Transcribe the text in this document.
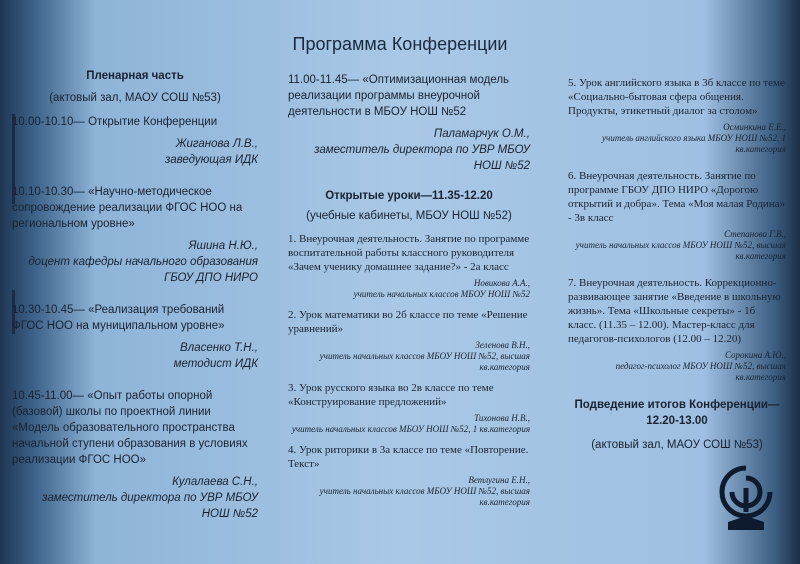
Программа Конференции
Пленарная часть
(актовый зал, МАОУ СОШ №53)
10.00-10.10— Открытие Конференции
Жиганова Л.В.,
заведующая ИДК
10.10-10.30— «Научно-методическое сопровождение реализации ФГОС НОО на региональном уровне»
Яшина Н.Ю.,
доцент кафедры начального образования ГБОУ ДПО НИРО
10.30-10.45— «Реализация требований ФГОС НОО на муниципальном уровне»
Власенко Т.Н.,
методист ИДК
10.45-11.00— «Опыт работы опорной (базовой) школы по проектной линии «Модель образовательного пространства начальной ступени образования в условиях реализации ФГОС НОО»
Кулалаева С.Н.,
заместитель директора по УВР МБОУ НОШ №52
11.00-11.45— «Оптимизационная модель реализации программы внеурочной деятельности в МБОУ НОШ №52
Паламарчук О.М.,
заместитель директора по УВР МБОУ НОШ №52
Открытые уроки—11.35-12.20
(учебные кабинеты, МБОУ НОШ №52)
1. Внеурочная деятельность. Занятие по программе воспитательной работы классного руководителя «Зачем ученику домашнее задание?» - 2а класс
Новикова А.А.,
учитель начальных классов МБОУ НОШ №52
2. Урок математики во 2б классе по теме «Решение уравнений»
Зеленова В.Н.,
учитель начальных классов МБОУ НОШ №52, высшая кв.категория
3. Урок русского языка во 2в классе по теме «Конструирование предложений»
Тихонова Н.В.,
учитель начальных классов МБОУ НОШ №52, 1 кв.категория
4. Урок риторики в 3а классе по теме «Повторение. Текст»
Ветлугина Е.Н.,
учитель начальных классов МБОУ НОШ №52, высшая кв.категория
5. Урок английского языка в 3б классе по теме «Социально-бытовая сфера общения. Продукты, этикетный диалог за столом»
Осминкина Е.Е.,
учитель английского языка МБОУ НОШ №52, 1 кв.категория
6. Внеурочная деятельность. Занятие по программе ГБОУ ДПО НИРО «Дорогою открытий и добра». Тема «Моя малая Родина» - 3в класс
Степанова Г.В.,
учитель начальных классов МБОУ НОШ №52, высшая кв.категория
7. Внеурочная деятельность. Коррекционно-развивающее занятие «Введение в школьную жизнь». Тема «Школьные секреты» - 1б класс. (11.35 – 12.00). Мастер-класс для педагогов-психологов (12.00 – 12.20)
Сорокина А.Ю.,
педагог-психолог МБОУ НОШ №52, высшая кв.категория
Подведение итогов Конференции—12.20-13.00
(актовый зал, МАОУ СОШ №53)
